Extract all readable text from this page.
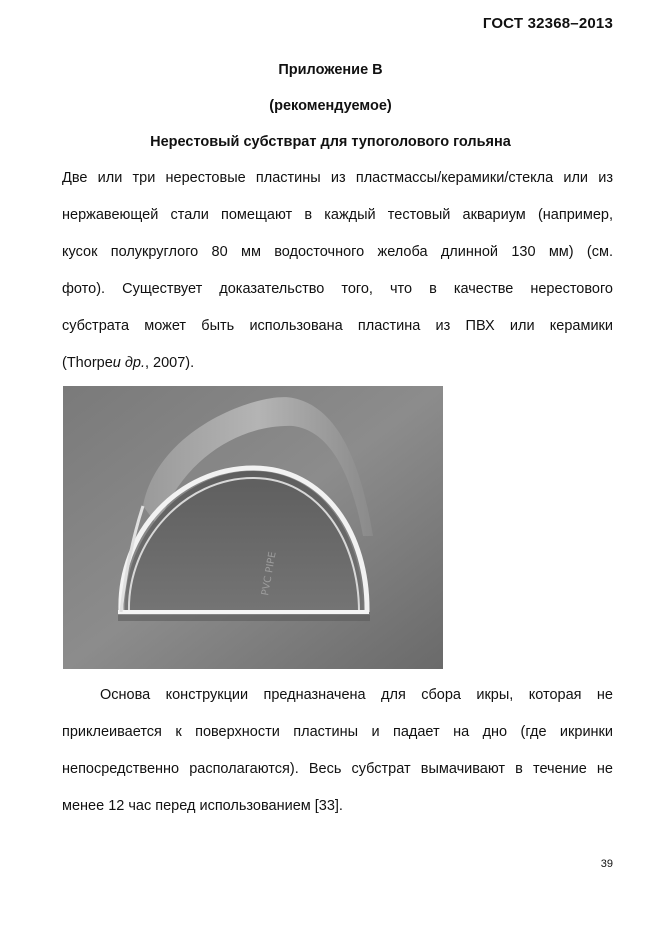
ГОСТ 32368–2013
Приложение В
(рекомендуемое)
Нерестовый субстврат для тупоголового гольяна
Две или три нерестовые пластины из пластмассы/керамики/стекла или из
нержавеющей стали помещают в каждый тестовый аквариум (например,
кусок полукруглого 80 мм водосточного желоба длинной 130 мм) (см.
фото). Существует доказательство того, что в качестве нерестового
субстрата может быть использована пластина из ПВХ или керамики
(Thorpeи др., 2007).
PVC PIPE
Основа конструкции предназначена для сбора икры, которая не
приклеивается к поверхности пластины и падает на дно (где икринки
непосредственно располагаются). Весь субстрат вымачивают в течение не
менее 12 час перед использованием [33].
39
